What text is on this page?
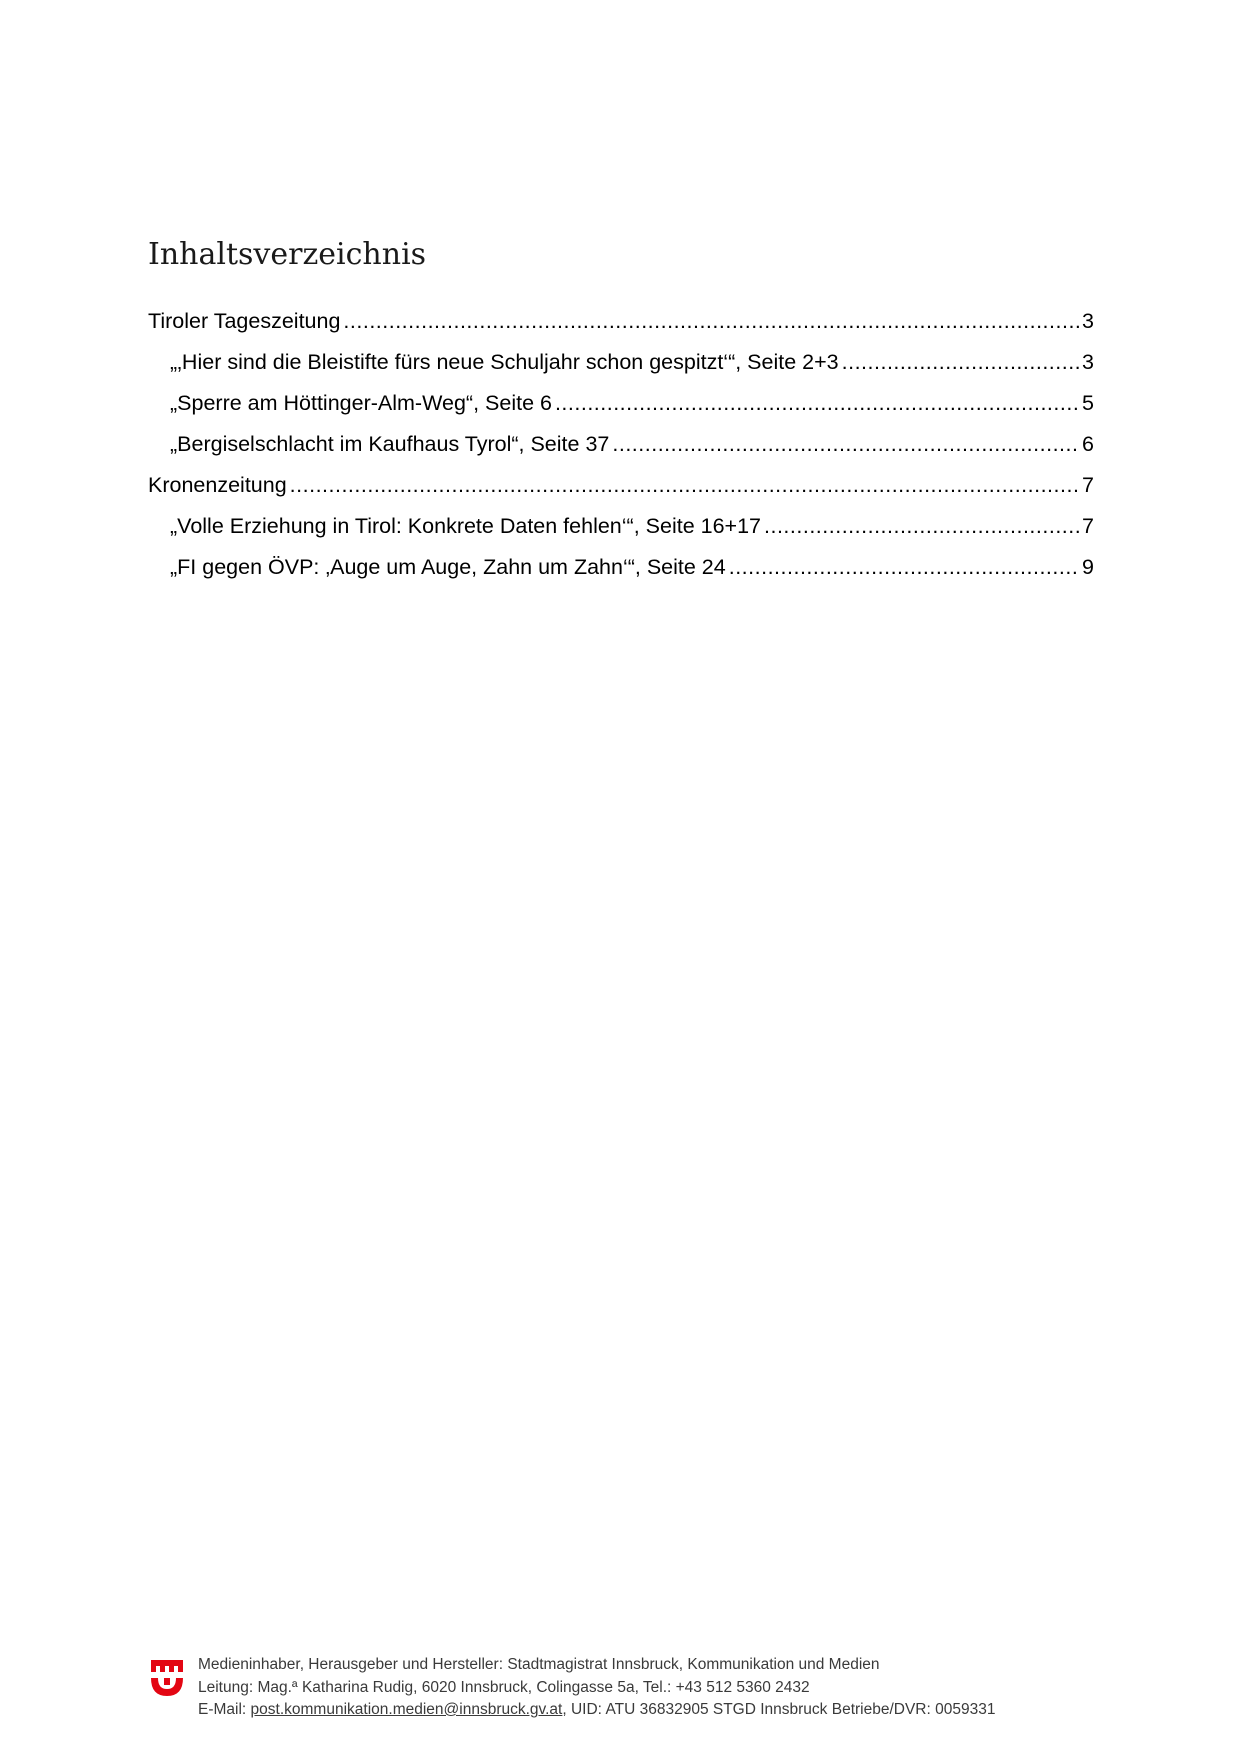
Inhaltsverzeichnis
Tiroler Tageszeitung .....	3
„‚Hier sind die Bleistifte fürs neue Schuljahr schon gespitzt‘“, Seite 2+3 .....	3
„Sperre am Höttinger-Alm-Weg“, Seite 6 .....	5
„Bergiselschlacht im Kaufhaus Tyrol“, Seite 37 .....	6
Kronenzeitung .....	7
„Volle Erziehung in Tirol: Konkrete Daten fehlen‘“, Seite 16+17 .....	7
„FI gegen ÖVP: ‚Auge um Auge, Zahn um Zahn‘“, Seite 24 .....	9
Medieninhaber, Herausgeber und Hersteller: Stadtmagistrat Innsbruck, Kommunikation und Medien
Leitung: Mag.ª Katharina Rudig, 6020 Innsbruck, Colingasse 5a, Tel.: +43 512 5360 2432
E-Mail: post.kommunikation.medien@innsbruck.gv.at, UID: ATU 36832905 STGD Innsbruck Betriebe/DVR: 0059331
